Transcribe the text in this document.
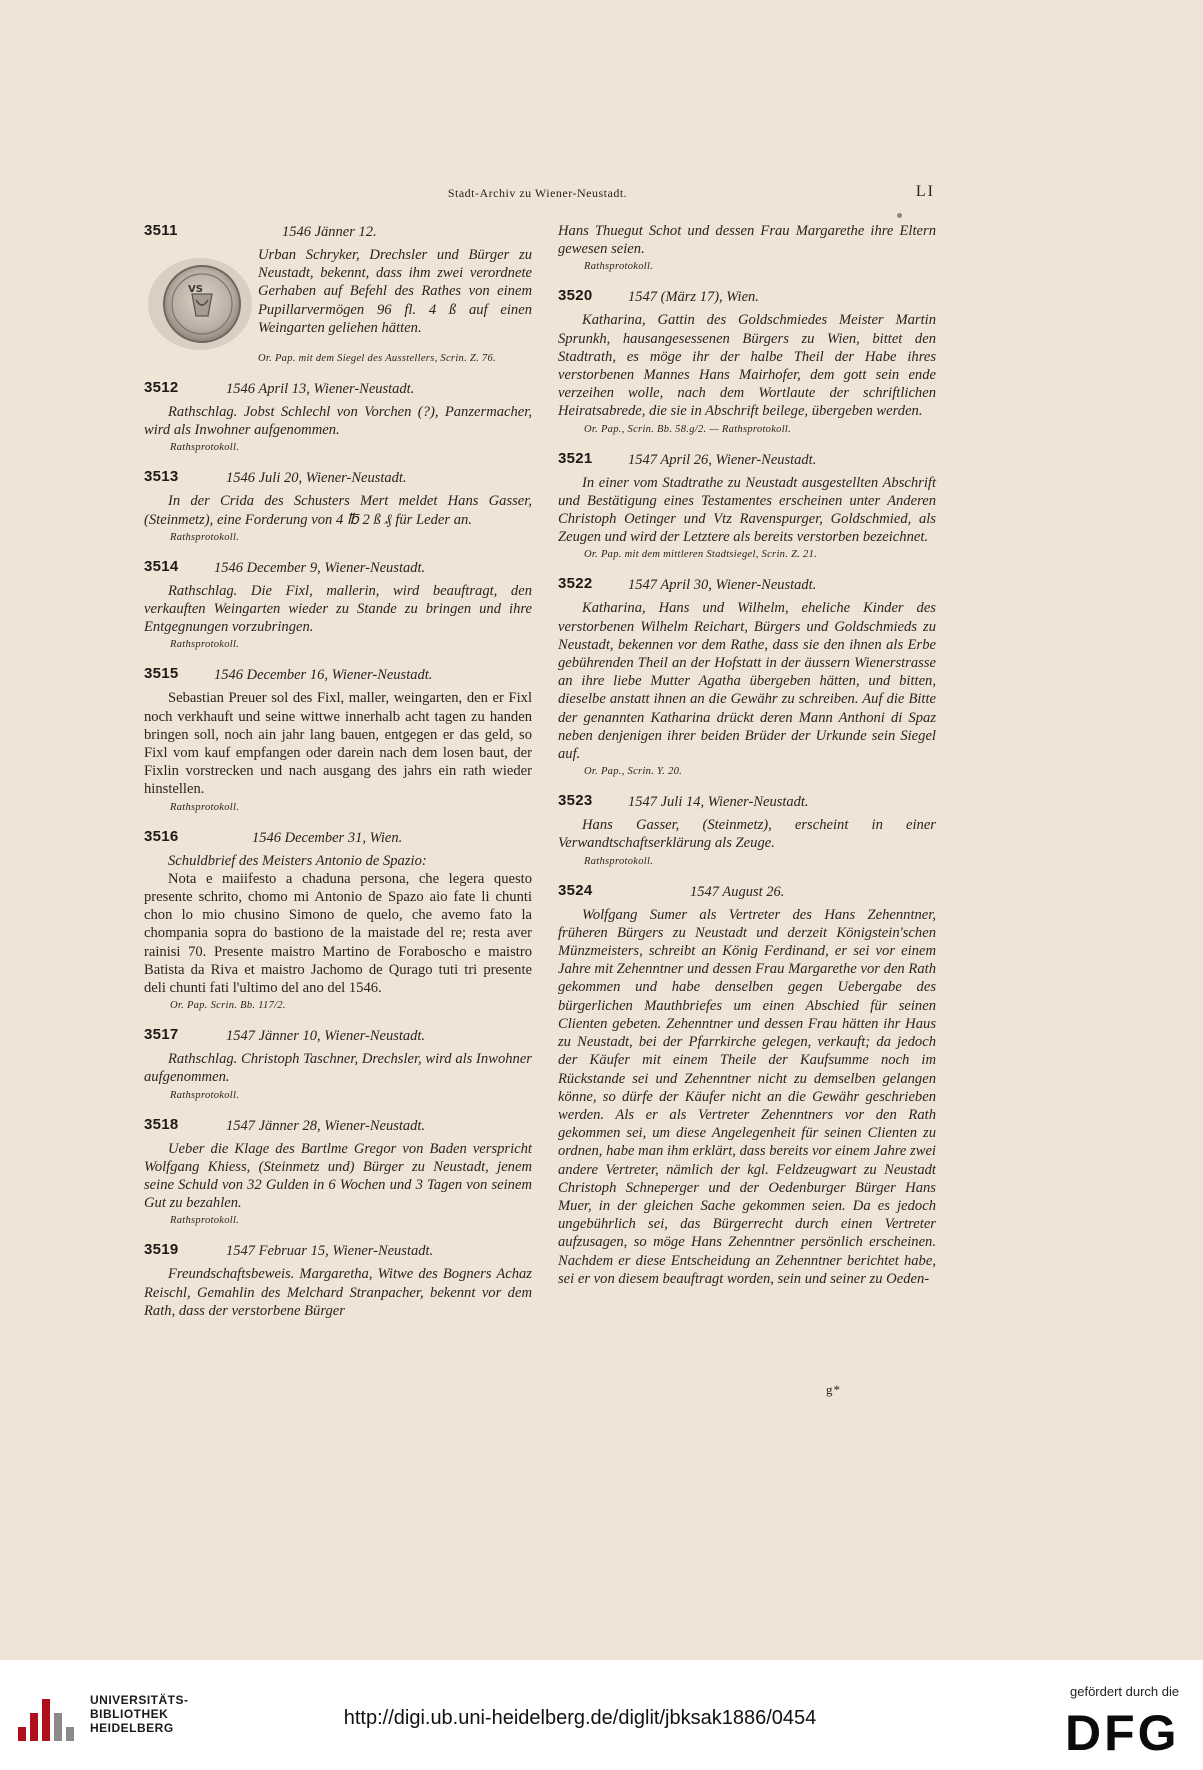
Stadt-Archiv zu Wiener-Neustadt.	LI
3511	1546 Jänner 12.
VS

Urban Schryker, Drechsler und Bürger zu Neustadt, bekennt, dass ihm zwei verordnete Gerhaben auf Befehl des Rathes von einem Pupillarvermögen 96 fl. 4 ß auf einen Weingarten geliehen hätten.

Or. Pap. mit dem Siegel des Ausstellers, Scrin. Z. 76.
3512	1546 April 13, Wiener-Neustadt.

Rathschlag. Jobst Schlechl von Vorchen (?), Panzermacher, wird als Inwohner aufgenommen.

Rathsprotokoll.
3513	1546 Juli 20, Wiener-Neustadt.

In der Crida des Schusters Mert meldet Hans Gasser, (Steinmetz), eine Forderung von 4 ℔ 2 ß ₰ für Leder an.

Rathsprotokoll.
3514 1546 December 9, Wiener-Neustadt.

Rathschlag. Die Fixl, mallerin, wird beauftragt, den verkauften Weingarten wieder zu Stande zu bringen und ihre Entgegnungen vorzubringen.

Rathsprotokoll.
3515 1546 December 16, Wiener-Neustadt.

Sebastian Preuer sol des Fixl, maller, weingarten, den er Fixl noch verkhauft und seine wittwe innerhalb acht tagen zu handen bringen soll, noch ain jahr lang bauen, entgegen er das geld, so Fixl vom kauf empfangen oder darein nach dem losen baut, der Fixlin vorstrecken und nach ausgang des jahrs ein rath wieder hinstellen.

Rathsprotokoll.
3516	1546 December 31, Wien.

Schuldbrief des Meisters Antonio de Spazio:

Nota e maiifesto a chaduna persona, che legera questo presente schrito, chomo mi Antonio de Spazo aio fate li chunti chon lo mio chusino Simono de quelo, che avemo fato la chompania sopra do bastiono de la maistade del re; resta aver rainisi 70. Presente maistro Martino de Foraboscho e maistro Batista da Riva et maistro Jachomo de Qurago tuti tri presente deli chunti fati l'ultimo del ano del 1546.

Or. Pap. Scrin. Bb. 117/2.
3517	1547 Jänner 10, Wiener-Neustadt.

Rathschlag. Christoph Taschner, Drechsler, wird als Inwohner aufgenommen.

Rathsprotokoll.
3518	1547 Jänner 28, Wiener-Neustadt.

Ueber die Klage des Bartlme Gregor von Baden verspricht Wolfgang Khiess, (Steinmetz und) Bürger zu Neustadt, jenem seine Schuld von 32 Gulden in 6 Wochen und 3 Tagen von seinem Gut zu bezahlen.

Rathsprotokoll.
3519	1547 Februar 15, Wiener-Neustadt.

Freundschaftsbeweis. Margaretha, Witwe des Bogners Achaz Reischl, Gemahlin des Melchard Stranpacher, bekennt vor dem Rath, dass der verstorbene Bürger

Hans Thuegut Schot und dessen Frau Margarethe ihre Eltern gewesen seien.

Rathsprotokoll.
3520 1547 (März 17), Wien.

Katharina, Gattin des Goldschmiedes Meister Martin Sprunkh, hausangesessenen Bürgers zu Wien, bittet den Stadtrath, es möge ihr der halbe Theil der Habe ihres verstorbenen Mannes Hans Mairhofer, dem gott sein ende verzeihen wolle, nach dem Wortlaute der schriftlichen Heiratsabrede, die sie in Abschrift beilege, übergeben werden.

Or. Pap., Scrin. Bb. 58.g/2. — Rathsprotokoll.
3521 1547 April 26, Wiener-Neustadt.

In einer vom Stadtrathe zu Neustadt ausgestellten Abschrift und Bestätigung eines Testamentes erscheinen unter Anderen Christoph Oetinger und Vtz Ravenspurger, Goldschmied, als Zeugen und wird der Letztere als bereits verstorben bezeichnet.

Or. Pap. mit dem mittleren Stadtsiegel, Scrin. Z. 21.
3522 1547 April 30, Wiener-Neustadt.

Katharina, Hans und Wilhelm, eheliche Kinder des verstorbenen Wilhelm Reichart, Bürgers und Goldschmieds zu Neustadt, bekennen vor dem Rathe, dass sie den ihnen als Erbe gebührenden Theil an der Hofstatt in der äussern Wienerstrasse an ihre liebe Mutter Agatha übergeben hätten, und bitten, dieselbe anstatt ihnen an die Gewähr zu schreiben. Auf die Bitte der genannten Katharina drückt deren Mann Anthoni di Spaz neben denjenigen ihrer beiden Brüder der Urkunde sein Siegel auf.

Or. Pap., Scrin. Y. 20.
3523 1547 Juli 14, Wiener-Neustadt.

Hans Gasser, (Steinmetz), erscheint in einer Verwandtschaftserklärung als Zeuge.

Rathsprotokoll.
3524	1547 August 26.

Wolfgang Sumer als Vertreter des Hans Zehenntner, früheren Bürgers zu Neustadt und derzeit Königstein'schen Münzmeisters, schreibt an König Ferdinand, er sei vor einem Jahre mit Zehenntner und dessen Frau Margarethe vor den Rath gekommen und habe denselben gegen Uebergabe des bürgerlichen Mauthbriefes um einen Abschied für seinen Clienten gebeten. Zehenntner und dessen Frau hätten ihr Haus zu Neustadt, bei der Pfarrkirche gelegen, verkauft; da jedoch der Käufer mit einem Theile der Kaufsumme noch im Rückstande sei und Zehenntner nicht zu demselben gelangen könne, so dürfe der Käufer nicht an die Gewähr geschrieben werden. Als er als Vertreter Zehenntners vor den Rath gekommen sei, um diese Angelegenheit für seinen Clienten zu ordnen, habe man ihm erklärt, dass bereits vor einem Jahre zwei andere Vertreter, nämlich der kgl. Feldzeugwart zu Neustadt Christoph Schneperger und der Oedenburger Bürger Hans Muer, in der gleichen Sache gekommen seien. Da es jedoch ungebührlich sei, das Bürgerrecht durch einen Vertreter aufzusagen, so möge Hans Zehenntner persönlich erscheinen. Nachdem er diese Entscheidung an Zehenntner berichtet habe, sei er von diesem beauftragt worden, sein und seiner zu Oeden-

g*
UNIVERSITÄTS-
BIBLIOTHEK
HEIDELBERG	http://digi.ub.uni-heidelberg.de/diglit/jbksak1886/0454
gefördert durch die
DFG
